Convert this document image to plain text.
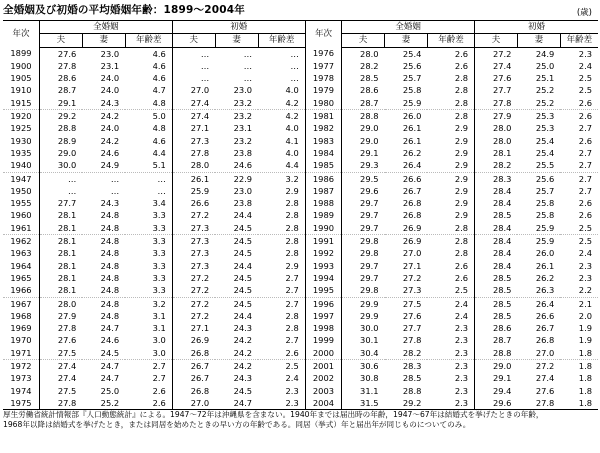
全婚姻及び初婚の平均婚姻年齢：1899～2004年	(歳)
年次	全婚姻			初婚			年次	全婚姻			初婚		
	夫	妻	年齢差	夫	妻	年齢差		夫	妻	年齢差	夫	妻	年齢差
1899	27.6	23.0	4.6	…	…	…	1976	28.0	25.4	2.6	27.2	24.9	2.3
1900	27.8	23.1	4.6	…	…	…	1977	28.2	25.6	2.6	27.4	25.0	2.4
1905	28.6	24.0	4.6	…	…	…	1978	28.5	25.7	2.8	27.6	25.1	2.5
1910	28.7	24.0	4.7	27.0	23.0	4.0	1979	28.6	25.8	2.8	27.7	25.2	2.5
1915	29.1	24.3	4.8	27.4	23.2	4.2	1980	28.7	25.9	2.8	27.8	25.2	2.6
1920	29.2	24.2	5.0	27.4	23.2	4.2	1981	28.8	26.0	2.8	27.9	25.3	2.6
1925	28.8	24.0	4.8	27.1	23.1	4.0	1982	29.0	26.1	2.9	28.0	25.3	2.7
1930	28.9	24.2	4.6	27.3	23.2	4.1	1983	29.0	26.1	2.9	28.0	25.4	2.6
1935	29.0	24.6	4.4	27.8	23.8	4.0	1984	29.1	26.2	2.9	28.1	25.4	2.7
1940	30.0	24.9	5.1	28.0	24.6	4.4	1985	29.3	26.4	2.9	28.2	25.5	2.7
1947	…	…	…	26.1	22.9	3.2	1986	29.5	26.6	2.9	28.3	25.6	2.7
1950	…	…	…	25.9	23.0	2.9	1987	29.6	26.7	2.9	28.4	25.7	2.7
1955	27.7	24.3	3.4	26.6	23.8	2.8	1988	29.7	26.8	2.9	28.4	25.8	2.6
1960	28.1	24.8	3.3	27.2	24.4	2.8	1989	29.7	26.8	2.9	28.5	25.8	2.6
1961	28.1	24.8	3.3	27.3	24.5	2.8	1990	29.7	26.9	2.8	28.4	25.9	2.5
1962	28.1	24.8	3.3	27.3	24.5	2.8	1991	29.8	26.9	2.8	28.4	25.9	2.5
1963	28.1	24.8	3.3	27.3	24.5	2.8	1992	29.8	27.0	2.8	28.4	26.0	2.4
1964	28.1	24.8	3.3	27.3	24.4	2.9	1993	29.7	27.1	2.6	28.4	26.1	2.3
1965	28.1	24.8	3.3	27.2	24.5	2.7	1994	29.7	27.2	2.6	28.5	26.2	2.3
1966	28.1	24.8	3.3	27.2	24.5	2.7	1995	29.8	27.3	2.5	28.5	26.3	2.2
1967	28.0	24.8	3.2	27.2	24.5	2.7	1996	29.9	27.5	2.4	28.5	26.4	2.1
1968	27.9	24.8	3.1	27.2	24.4	2.8	1997	29.9	27.6	2.4	28.5	26.6	2.0
1969	27.8	24.7	3.1	27.1	24.3	2.8	1998	30.0	27.7	2.3	28.6	26.7	1.9
1970	27.6	24.6	3.0	26.9	24.2	2.7	1999	30.1	27.8	2.3	28.7	26.8	1.9
1971	27.5	24.5	3.0	26.8	24.2	2.6	2000	30.4	28.2	2.3	28.8	27.0	1.8
1972	27.4	24.7	2.7	26.7	24.2	2.5	2001	30.6	28.3	2.3	29.0	27.2	1.8
1973	27.4	24.7	2.7	26.7	24.3	2.4	2002	30.8	28.5	2.3	29.1	27.4	1.8
1974	27.5	25.0	2.6	26.8	24.5	2.3	2003	31.1	28.8	2.3	29.4	27.6	1.8
1975	27.8	25.2	2.6	27.0	24.7	2.3	2004	31.5	29.2	2.3	29.6	27.8	1.8
厚生労働省統計情報部『人口動態統計』による。1947～72年は沖縄県を含まない。1940年までは届出時の年齢，1947～67年は結婚式を挙げたときの年齢，
1968年以降は結婚式を挙げたとき，または同居を始めたときの早い方の年齢である。同居（挙式）年と届出年が同じものについてのみ。
